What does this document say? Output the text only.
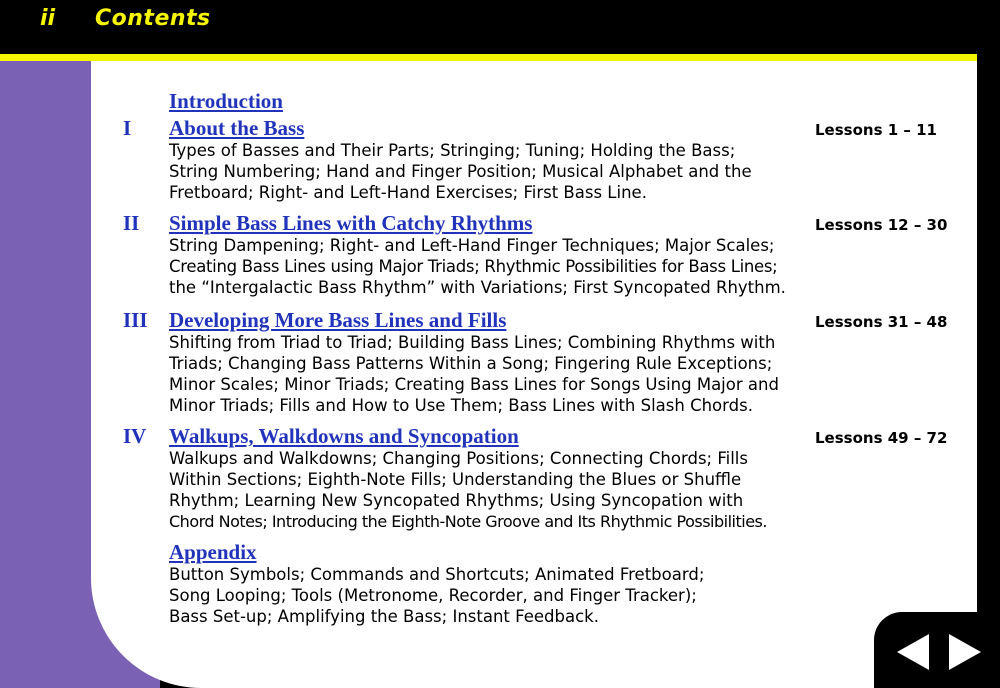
ii Contents
Introduction
I About the Bass	Lessons 1 – 11
Types of Basses and Their Parts; Stringing; Tuning; Holding the Bass;
String Numbering; Hand and Finger Position; Musical Alphabet and the
Fretboard; Right- and Left-Hand Exercises; First Bass Line.
II Simple Bass Lines with Catchy Rhythms	Lessons 12 – 30
String Dampening; Right- and Left-Hand Finger Techniques; Major Scales;
Creating Bass Lines using Major Triads; Rhythmic Possibilities for Bass Lines;
the “Intergalactic Bass Rhythm” with Variations; First Syncopated Rhythm.
III Developing More Bass Lines and Fills	Lessons 31 – 48
Shifting from Triad to Triad; Building Bass Lines; Combining Rhythms with
Triads; Changing Bass Patterns Within a Song; Fingering Rule Exceptions;
Minor Scales; Minor Triads; Creating Bass Lines for Songs Using Major and
Minor Triads; Fills and How to Use Them; Bass Lines with Slash Chords.
IV Walkups, Walkdowns and Syncopation	Lessons 49 – 72
Walkups and Walkdowns; Changing Positions; Connecting Chords; Fills
Within Sections; Eighth-Note Fills; Understanding the Blues or Shuffle
Rhythm; Learning New Syncopated Rhythms; Using Syncopation with
Chord Notes; Introducing the Eighth-Note Groove and Its Rhythmic Possibilities.
Appendix
Button Symbols; Commands and Shortcuts; Animated Fretboard;
Song Looping; Tools (Metronome, Recorder, and Finger Tracker);
Bass Set-up; Amplifying the Bass; Instant Feedback.
